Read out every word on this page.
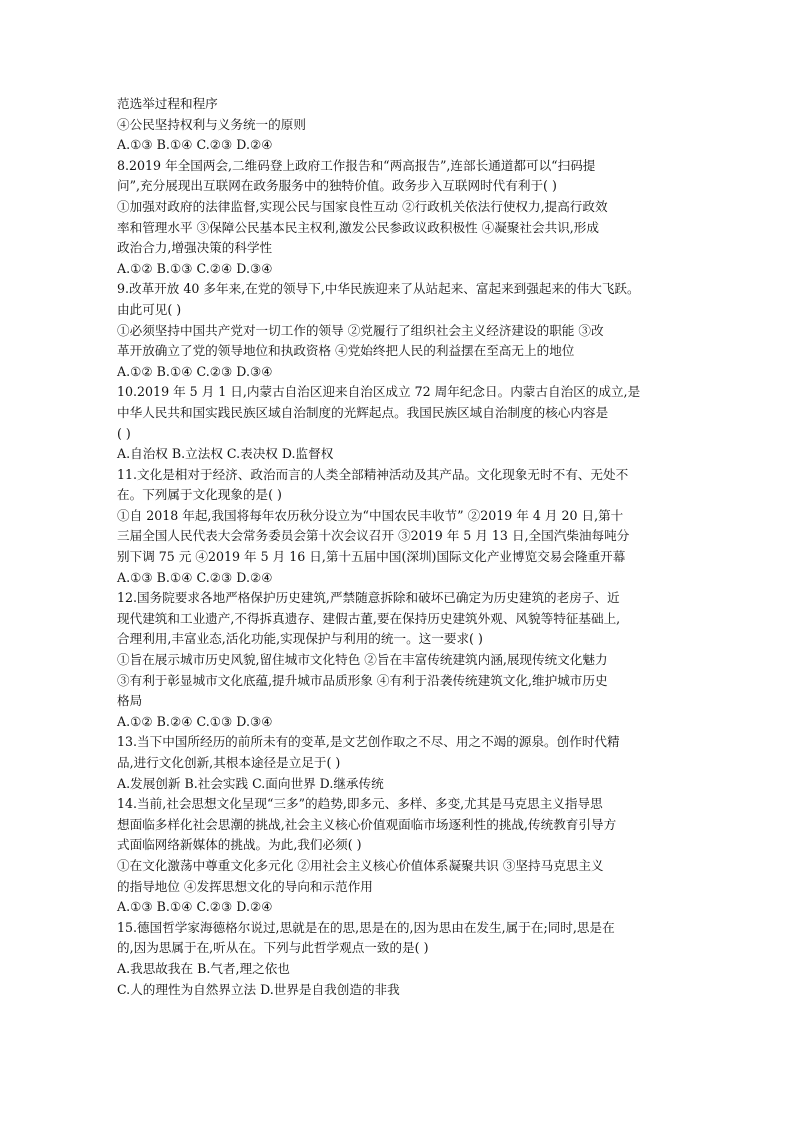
范选举过程和程序
④公民坚持权利与义务统一的原则
A.①③ B.①④ C.②③ D.②④
8.2019 年全国两会,二维码登上政府工作报告和“两高报告”,连部长通道都可以“扫码提
问”,充分展现出互联网在政务服务中的独特价值。政务步入互联网时代有利于( )
①加强对政府的法律监督,实现公民与国家良性互动 ②行政机关依法行使权力,提高行政效
率和管理水平 ③保障公民基本民主权利,激发公民参政议政积极性 ④凝聚社会共识,形成
政治合力,增强决策的科学性
A.①② B.①③ C.②④ D.③④
9.改革开放 40 多年来,在党的领导下,中华民族迎来了从站起来、富起来到强起来的伟大飞跃。
由此可见( )
①必须坚持中国共产党对一切工作的领导 ②党履行了组织社会主义经济建设的职能 ③改
革开放确立了党的领导地位和执政资格 ④党始终把人民的利益摆在至高无上的地位
A.①② B.①④ C.②③ D.③④
10.2019 年 5 月 1 日,内蒙古自治区迎来自治区成立 72 周年纪念日。内蒙古自治区的成立,是
中华人民共和国实践民族区域自治制度的光辉起点。我国民族区域自治制度的核心内容是
( )
A.自治权 B.立法权 C.表决权 D.监督权
11.文化是相对于经济、政治而言的人类全部精神活动及其产品。文化现象无时不有、无处不
在。下列属于文化现象的是( )
①自 2018 年起,我国将每年农历秋分设立为“中国农民丰收节” ②2019 年 4 月 20 日,第十
三届全国人民代表大会常务委员会第十次会议召开 ③2019 年 5 月 13 日,全国汽柴油每吨分
别下调 75 元 ④2019 年 5 月 16 日,第十五届中国(深圳)国际文化产业博览交易会隆重开幕
A.①③ B.①④ C.②③ D.②④
12.国务院要求各地严格保护历史建筑,严禁随意拆除和破坏已确定为历史建筑的老房子、近
现代建筑和工业遗产,不得拆真遗存、建假古董,要在保持历史建筑外观、风貌等特征基础上,
合理利用,丰富业态,活化功能,实现保护与利用的统一。这一要求( )
①旨在展示城市历史风貌,留住城市文化特色 ②旨在丰富传统建筑内涵,展现传统文化魅力
③有利于彰显城市文化底蕴,提升城市品质形象 ④有利于沿袭传统建筑文化,维护城市历史
格局
A.①② B.②④ C.①③ D.③④
13.当下中国所经历的前所未有的变革,是文艺创作取之不尽、用之不竭的源泉。创作时代精
品,进行文化创新,其根本途径是立足于( )
A.发展创新 B.社会实践 C.面向世界 D.继承传统
14.当前,社会思想文化呈现“三多”的趋势,即多元、多样、多变,尤其是马克思主义指导思
想面临多样化社会思潮的挑战,社会主义核心价值观面临市场逐利性的挑战,传统教育引导方
式面临网络新媒体的挑战。为此,我们必须( )
①在文化激荡中尊重文化多元化 ②用社会主义核心价值体系凝聚共识 ③坚持马克思主义
的指导地位 ④发挥思想文化的导向和示范作用
A.①③ B.①④ C.②③ D.②④
15.德国哲学家海德格尔说过,思就是在的思,思是在的,因为思由在发生,属于在;同时,思是在
的,因为思属于在,听从在。下列与此哲学观点一致的是( )
A.我思故我在 B.气者,理之依也
C.人的理性为自然界立法 D.世界是自我创造的非我
